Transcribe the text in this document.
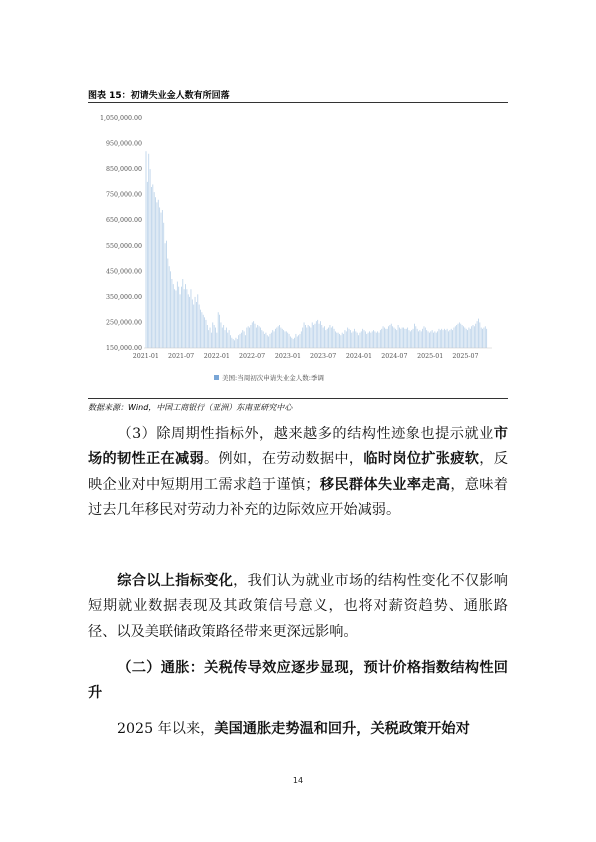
图表 15：初请失业金人数有所回落
150,000.00
250,000.00
350,000.00
450,000.00
550,000.00
650,000.00
750,000.00
850,000.00
950,000.00
1,050,000.00
2021-01 2021-07 2022-01 2022-07 2023-01 2023-07 2024-01 2024-07 2025-01 2025-07
美国:当周初次申请失业金人数:季调
数据来源：Wind，中国工商银行（亚洲）东南亚研究中心
（3）除周期性指标外，越来越多的结构性迹象也提示就业市场的韧性正在减弱。例如，在劳动数据中，临时岗位扩张疲软，反映企业对中短期用工需求趋于谨慎；移民群体失业率走高，意味着过去几年移民对劳动力补充的边际效应开始减弱。
综合以上指标变化，我们认为就业市场的结构性变化不仅影响短期就业数据表现及其政策信号意义，也将对薪资趋势、通胀路径、以及美联储政策路径带来更深远影响。
（二）通胀：关税传导效应逐步显现，预计价格指数结构性回升
2025 年以来，美国通胀走势温和回升，关税政策开始对
14
